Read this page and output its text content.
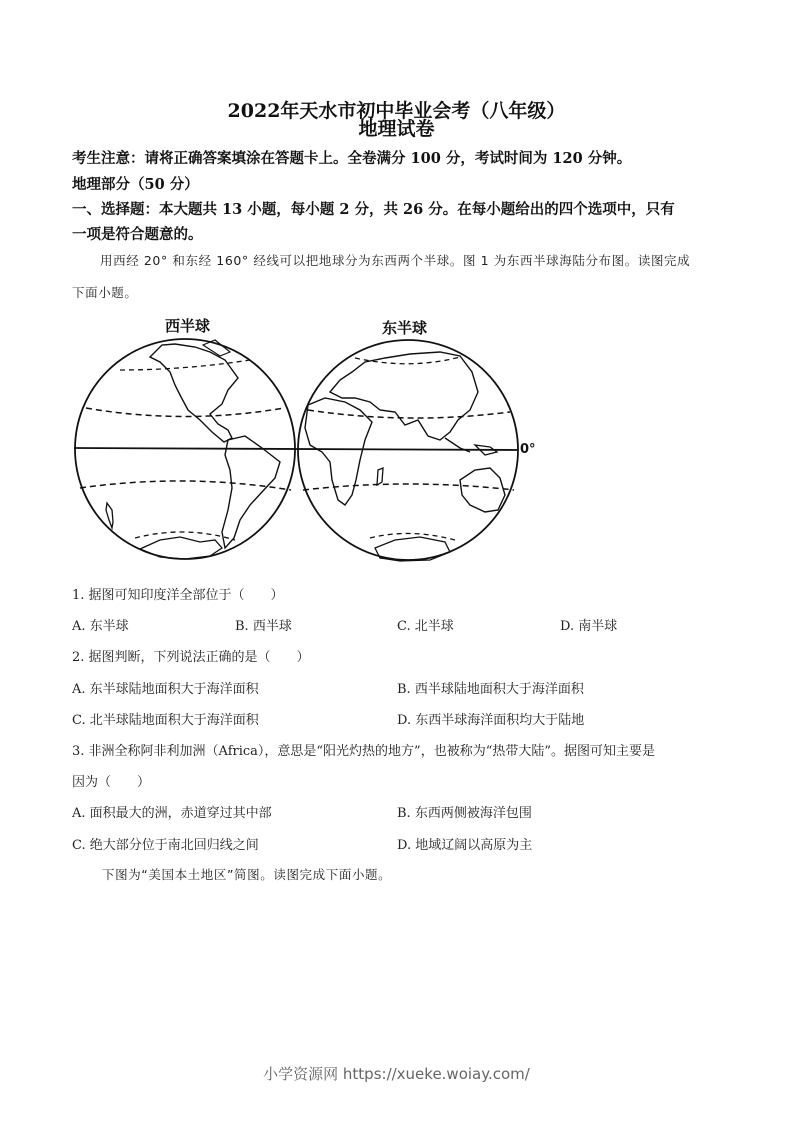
2022年天水市初中毕业会考（八年级）
地理试卷
考生注意：请将正确答案填涂在答题卡上。全卷满分 100 分，考试时间为 120 分钟。
地理部分（50 分）
一、选择题：本大题共 13 小题，每小题 2 分，共 26 分。在每小题给出的四个选项中，只有
一项是符合题意的。
用西经 20° 和东经 160° 经线可以把地球分为东西两个半球。图 1 为东西半球海陆分布图。读图完成
下面小题。
西半球	东半球
0°
1. 据图可知印度洋全部位于（　　）
A. 东半球	B. 西半球	C. 北半球	D. 南半球
2. 据图判断，下列说法正确的是（　　）
A. 东半球陆地面积大于海洋面积	B. 西半球陆地面积大于海洋面积
C. 北半球陆地面积大于海洋面积	D. 东西半球海洋面积均大于陆地
3. 非洲全称阿非利加洲（Africa），意思是“阳光灼热的地方”，也被称为“热带大陆”。据图可知主要是
因为（　　）
A. 面积最大的洲，赤道穿过其中部	B. 东西两侧被海洋包围
C. 绝大部分位于南北回归线之间	D. 地域辽阔以高原为主
下图为“美国本土地区”简图。读图完成下面小题。
小学资源网 https://xueke.woiay.com/
